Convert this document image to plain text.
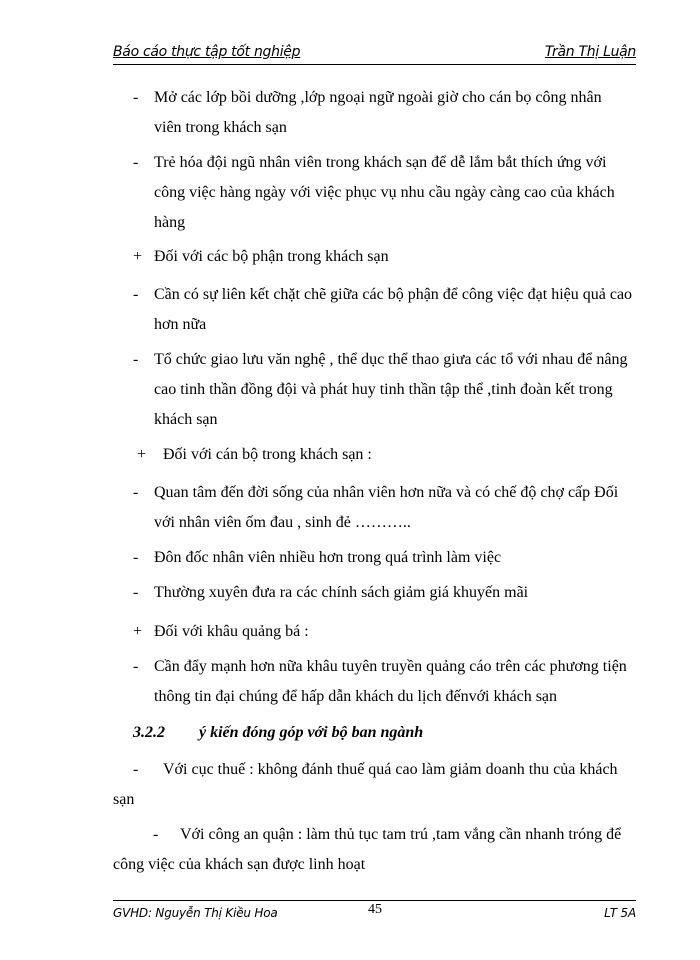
Báo cáo thực tập tốt nghiệp	Trần Thị Luận
- Mở các lớp bồi dưỡng ,lớp ngoại ngữ ngoài giờ cho cán bọ công nhân
viên trong khách sạn
- Trẻ hóa đội ngũ nhân viên trong khách sạn để dễ lắm bắt thích ứng với
công việc hàng ngày với việc phục vụ nhu cầu ngày càng cao của khách
hàng
+ Đối với các bộ phận trong khách sạn
- Cần có sự liên kết chặt chẽ giữa các bộ phận để công việc đạt hiệu quả cao
hơn nữa
- Tổ chức giao lưu văn nghệ , thể dục thể thao giưa các tổ với nhau để nâng
cao tinh thần đồng đội và phát huy tinh thần tập thể ,tinh đoàn kết trong
khách sạn
+	Đối với cán bộ trong khách sạn :
- Quan tâm đến đời sống của nhân viên hơn nữa và có chế độ chợ cấp Đối
với nhân viên ốm đau , sinh đẻ ………..
- Đôn đốc nhân viên nhiều hơn trong quá trình làm việc
- Thường xuyên đưa ra các chính sách giảm giá khuyến mãi
+ Đối với khâu quảng bá :
- Cần đẩy mạnh hơn nữa khâu tuyên truyền quảng cáo trên các phương tiện
thông tin đại chúng để hấp dẫn khách du lịch đếnvới khách sạn
3.2.2 ý kiến đóng góp với bộ ban ngành
-	Với cục thuế : không đánh thuế quá cao làm giảm doanh thu của khách
sạn
-	Với công an quận : làm thủ tục tam trú ,tam vắng cần nhanh tróng để
công việc của khách sạn được linh hoạt
GVHD: Nguyễn Thị Kiều Hoa	45	LT 5A
